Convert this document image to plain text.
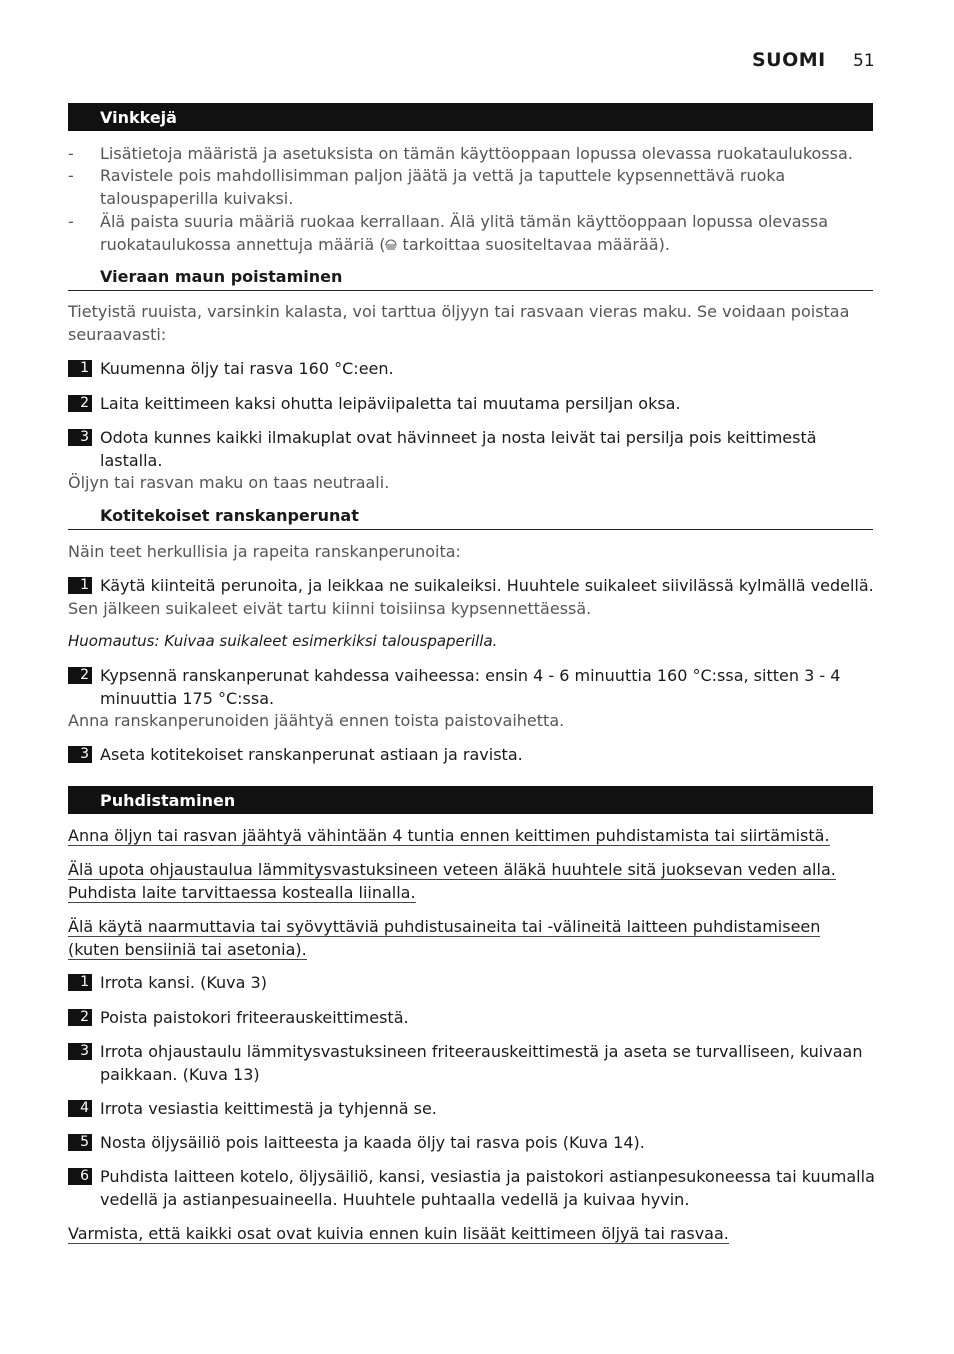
SUOMI 51
Vinkkejä
- Lisätietoja määristä ja asetuksista on tämän käyttöoppaan lopussa olevassa ruokataulukossa.
- Ravistele pois mahdollisimman paljon jäätä ja vettä ja taputtele kypsennettävä ruoka talouspaperilla kuivaksi.
- Älä paista suuria määriä ruokaa kerrallaan. Älä ylitä tämän käyttöoppaan lopussa olevassa ruokataulukossa annettuja määriä ( tarkoittaa suositeltavaa määrää).
Vieraan maun poistaminen
Tietyistä ruuista, varsinkin kalasta, voi tarttua öljyyn tai rasvaan vieras maku. Se voidaan poistaa seuraavasti:
1 Kuumenna öljy tai rasva 160 °C:een.
2 Laita keittimeen kaksi ohutta leipäviipaletta tai muutama persiljan oksa.
3 Odota kunnes kaikki ilmakuplat ovat hävinneet ja nosta leivät tai persilja pois keittimestä lastalla.
Öljyn tai rasvan maku on taas neutraali.
Kotitekoiset ranskanperunat
Näin teet herkullisia ja rapeita ranskanperunoita:
1 Käytä kiinteitä perunoita, ja leikkaa ne suikaleiksi. Huuhtele suikaleet siivilässä kylmällä vedellä.
Sen jälkeen suikaleet eivät tartu kiinni toisiinsa kypsennettäessä.
Huomautus: Kuivaa suikaleet esimerkiksi talouspaperilla.
2 Kypsennä ranskanperunat kahdessa vaiheessa: ensin 4 - 6 minuuttia 160 °C:ssa, sitten 3 - 4 minuuttia 175 °C:ssa.
Anna ranskanperunoiden jäähtyä ennen toista paistovaihetta.
3 Aseta kotitekoiset ranskanperunat astiaan ja ravista.
Puhdistaminen
Anna öljyn tai rasvan jäähtyä vähintään 4 tuntia ennen keittimen puhdistamista tai siirtämistä.
Älä upota ohjaustaulua lämmitysvastuksineen veteen äläkä huuhtele sitä juoksevan veden alla.
Puhdista laite tarvittaessa kostealla liinalla.
Älä käytä naarmuttavia tai syövyttäviä puhdistusaineita tai -välineitä laitteen puhdistamiseen
(kuten bensiiniä tai asetonia).
1 Irrota kansi. (Kuva 3)
2 Poista paistokori friteerauskeittimestä.
3 Irrota ohjaustaulu lämmitysvastuksineen friteerauskeittimestä ja aseta se turvalliseen, kuivaan paikkaan. (Kuva 13)
4 Irrota vesiastia keittimestä ja tyhjennä se.
5 Nosta öljysäiliö pois laitteesta ja kaada öljy tai rasva pois (Kuva 14).
6 Puhdista laitteen kotelo, öljysäiliö, kansi, vesiastia ja paistokori astianpesukoneessa tai kuumalla vedellä ja astianpesuaineella. Huuhtele puhtaalla vedellä ja kuivaa hyvin.
Varmista, että kaikki osat ovat kuivia ennen kuin lisäät keittimeen öljyä tai rasvaa.
